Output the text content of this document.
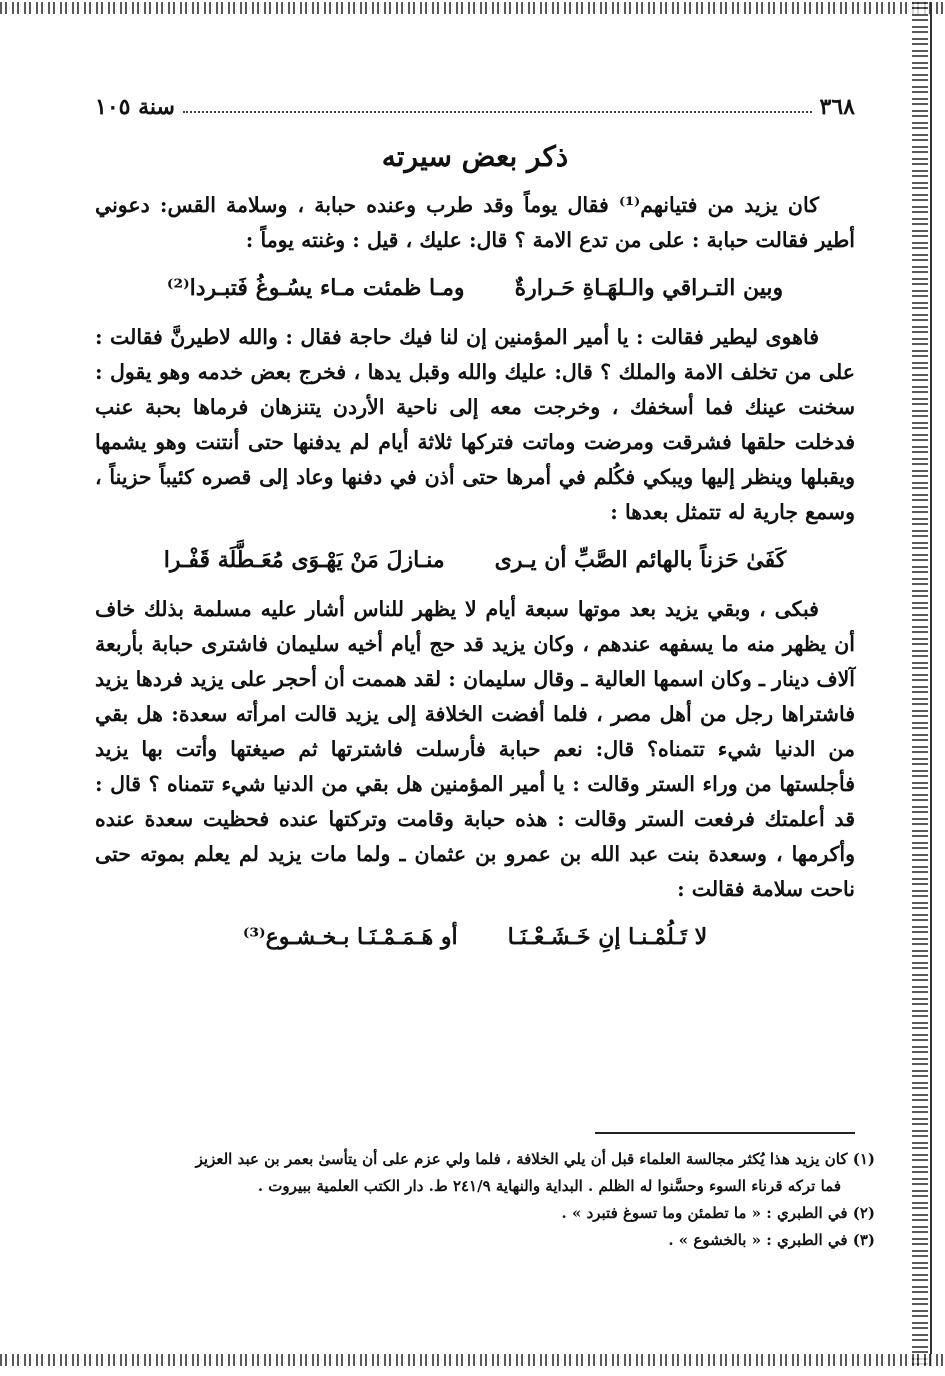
٣٦٨
سنة ١٠٥
ذكر بعض سيرته

كان يزيد من فتيانهم⁽¹⁾ فقال يوماً وقد طرب وعنده حبابة ، وسلامة القس: دعوني أطير فقالت حبابة : على من تدع الامة ؟ قال: عليك ، قيل : وغنته يوماً :

وبين التـراقي والـلهَـاةِ حَـرارةٌ
ومـا ظمئت مـاء يسُـوغُ فَتبـردا⁽²⁾

فاهوى ليطير فقالت : يا أمير المؤمنين إن لنا فيك حاجة فقال : والله لاطيرنَّ فقالت : على من تخلف الامة والملك ؟ قال: عليك والله وقبل يدها ، فخرج بعض خدمه وهو يقول : سخنت عينك فما أسخفك ، وخرجت معه إلى ناحية الأردن يتنزهان فرماها بحبة عنب فدخلت حلقها فشرقت ومرضت وماتت فتركها ثلاثة أيام لم يدفنها حتى أنتنت وهو يشمها ويقبلها وينظر إليها ويبكي فكُلم في أمرها حتى أذن في دفنها وعاد إلى قصره كئيباً حزيناً ، وسمع جارية له تتمثل بعدها :

كَفَىٰ حَزناً بالهائم الصَّبِّ أن يـرى
منـازلَ مَنْ يَهْـوَى مُعَـطَّلَة قَفْـرا

فبكى ، وبقي يزيد بعد موتها سبعة أيام لا يظهر للناس أشار عليه مسلمة بذلك خاف أن يظهر منه ما يسفهه عندهم ، وكان يزيد قد حج أيام أخيه سليمان فاشترى حبابة بأربعة آلاف دينار ـ وكان اسمها العالية ـ وقال سليمان : لقد هممت أن أحجر على يزيد فردها يزيد فاشتراها رجل من أهل مصر ، فلما أفضت الخلافة إلى يزيد قالت امرأته سعدة: هل بقي من الدنيا شيء تتمناه؟ قال: نعم حبابة فأرسلت فاشترتها ثم صيغتها وأتت بها يزيد فأجلستها من وراء الستر وقالت : يا أمير المؤمنين هل بقي من الدنيا شيء تتمناه ؟ قال : قد أعلمتك فرفعت الستر وقالت : هذه حبابة وقامت وتركتها عنده فحظيت سعدة عنده وأكرمها ، وسعدة بنت عبد الله بن عمرو بن عثمان ـ ولما مات يزيد لم يعلم بموته حتى ناحت سلامة فقالت :

لا تَـلُمْـنـا إنِ خَـشَـعْـنَـا
أو هَـمَـمْـنَـا بـخـشـوع⁽³⁾
(١) كان يزيد هذا يُكثر مجالسة العلماء قبل أن يلي الخلافة ، فلما ولي عزم على أن يتأسىٰ بعمر بن عبد العزيز
فما تركه قرناء السوء وحسَّنوا له الظلم . البداية والنهاية ٢٤١/٩ ط. دار الكتب العلمية ببيروت .
(٢) في الطبري : « ما تطمئن وما تسوغ فتبرد » .
(٣) في الطبري : « بالخشوع » .
